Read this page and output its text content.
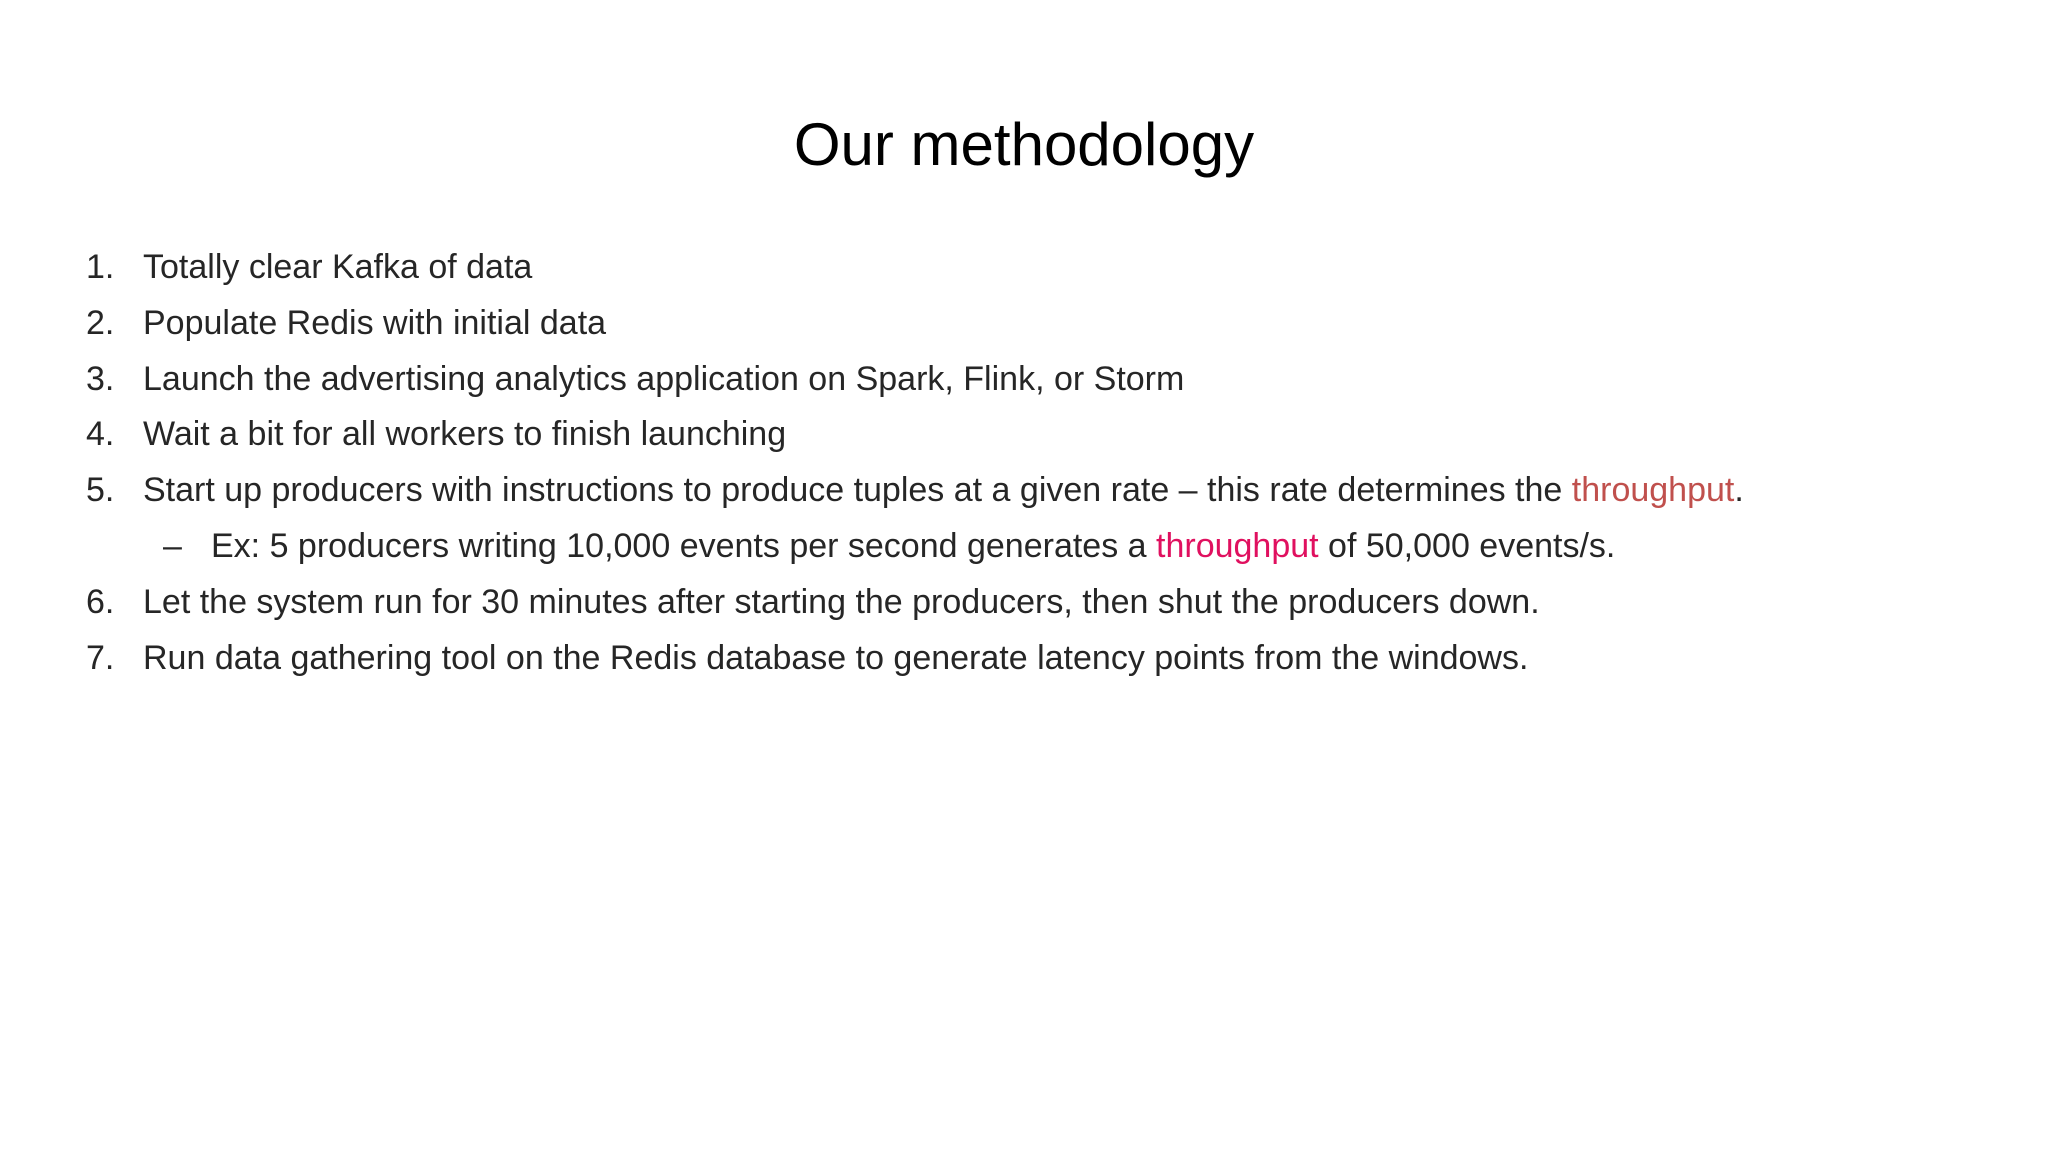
Our methodology
1. Totally clear Kafka of data
2. Populate Redis with initial data
3. Launch the advertising analytics application on Spark, Flink, or Storm
4. Wait a bit for all workers to finish launching
5. Start up producers with instructions to produce tuples at a given rate – this rate determines the throughput.
– Ex: 5 producers writing 10,000 events per second generates a throughput of 50,000 events/s.
6. Let the system run for 30 minutes after starting the producers, then shut the producers down.
7. Run data gathering tool on the Redis database to generate latency points from the windows.
